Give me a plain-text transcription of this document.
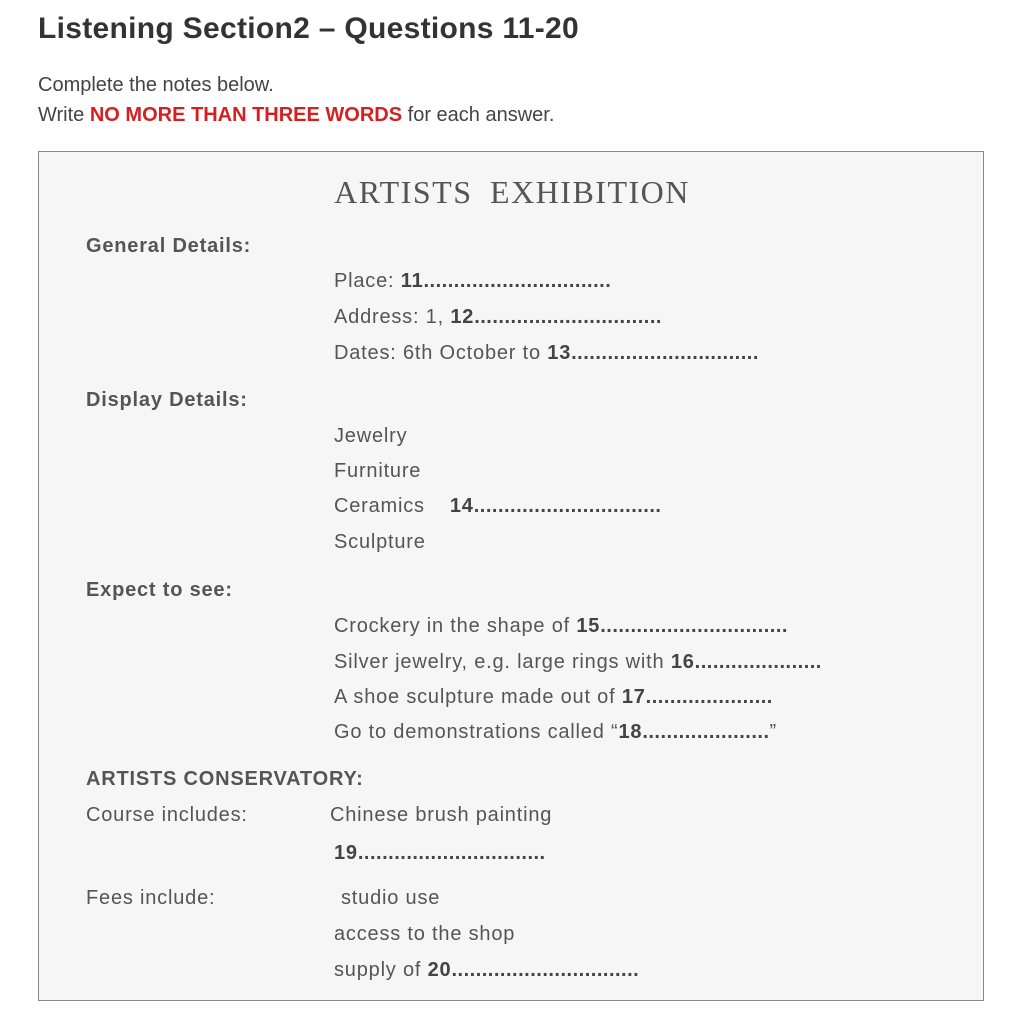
Listening Section2 – Questions 11-20
Complete the notes below.
Write NO MORE THAN THREE WORDS for each answer.
ARTISTS EXHIBITION
General Details:
Place: 11...............................
Address: 1, 12...............................
Dates: 6th October to 13...............................
Display Details:
Jewelry
Furniture
Ceramics 14...............................
Sculpture
Expect to see:
Crockery in the shape of 15...............................
Silver jewelry, e.g. large rings with 16.....................
A shoe sculpture made out of 17.....................
Go to demonstrations called “18.....................”
ARTISTS CONSERVATORY:
Course includes:	Chinese brush painting
19...............................
Fees include:	studio use
access to the shop
supply of 20...............................
